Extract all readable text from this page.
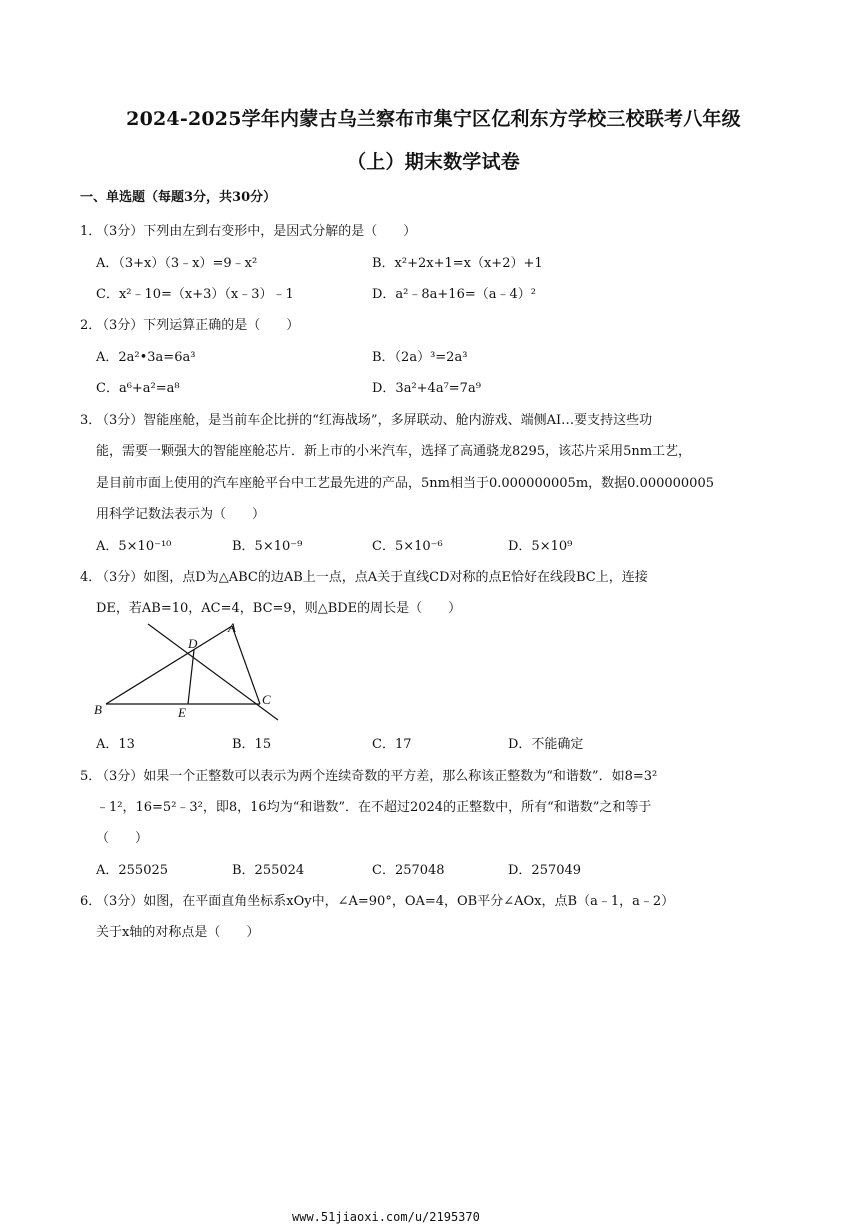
2024-2025学年内蒙古乌兰察布市集宁区亿利东方学校三校联考八年级
（上）期末数学试卷
一、单选题（每题3分，共30分）
1．
（3分）下列由左到右变形中，是因式分解的是（　　）
A．（3+x）（3﹣x）=9﹣x²	B．x²+2x+1=x（x+2）+1
C．x²﹣10=（x+3）（x﹣3）﹣1	D．a²﹣8a+16=（a﹣4）²
2．
（3分）下列运算正确的是（　　）
A．2a²•3a=6a³	B．（2a）³=2a³
C．a⁶+a²=a⁸	D．3a²+4a⁷=7a⁹
3．
（3分）智能座舱，是当前车企比拼的“红海战场”，多屏联动、舱内游戏、端侧AI…要支持这些功
能，需要一颗强大的智能座舱芯片．新上市的小米汽车，选择了高通骁龙8295，该芯片采用5nm工艺，
是目前市面上使用的汽车座舱平台中工艺最先进的产品，5nm相当于0.000000005m，数据0.000000005
用科学记数法表示为（　　）
A．5×10⁻¹⁰	B．5×10⁻⁹	C．5×10⁻⁶	D．5×10⁹
4．
（3分）如图，点D为△ABC的边AB上一点，点A关于直线CD对称的点E恰好在线段BC上，连接
DE，若AB=10，AC=4，BC=9，则△BDE的周长是（　　）
A
D
B	E
C
A．13	B．15	C．17	D．不能确定
5．
（3分）如果一个正整数可以表示为两个连续奇数的平方差，那么称该正整数为“和谐数”．如8=3²
﹣1²，16=5²﹣3²，即8，16均为“和谐数”．在不超过2024的正整数中，所有“和谐数”之和等于
（　　）
A．255025	B．255024	C．257048	D．257049
6．
（3分）如图，在平面直角坐标系xOy中，∠A=90°，OA=4，OB平分∠AOx，点B（a﹣1，a﹣2）
关于x轴的对称点是（　　）
www.51jiaoxi.com/u/2195370
